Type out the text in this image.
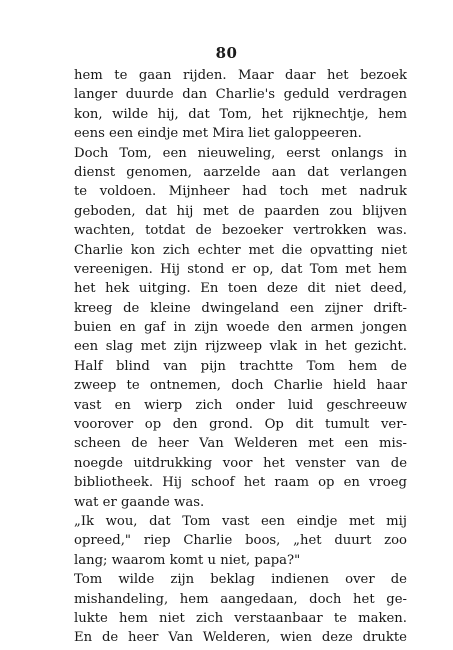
80
hem te gaan rijden. Maar daar het bezoek
langer duurde dan Charlie's geduld verdragen
kon, wilde hij, dat Tom, het rijknechtje, hem
eens een eindje met Mira liet galoppeeren.
Doch Tom, een nieuweling, eerst onlangs in
dienst genomen, aarzelde aan dat verlangen
te voldoen. Mijnheer had toch met nadruk
geboden, dat hij met de paarden zou blijven
wachten, totdat de bezoeker vertrokken was.
Charlie kon zich echter met die opvatting niet
vereenigen. Hij stond er op, dat Tom met hem
het hek uitging. En toen deze dit niet deed,
kreeg de kleine dwingeland een zijner drift-
buien en gaf in zijn woede den armen jongen
een slag met zijn rijzweep vlak in het gezicht.
Half blind van pijn trachtte Tom hem de
zweep te ontnemen, doch Charlie hield haar
vast en wierp zich onder luid geschreeuw
voorover op den grond. Op dit tumult ver-
scheen de heer Van Welderen met een mis-
noegde uitdrukking voor het venster van de
bibliotheek. Hij schoof het raam op en vroeg
wat er gaande was.
„Ik wou, dat Tom vast een eindje met mij
opreed," riep Charlie boos, „het duurt zoo
lang; waarom komt u niet, papa?"
Tom wilde zijn beklag indienen over de
mishandeling, hem aangedaan, doch het ge-
lukte hem niet zich verstaanbaar te maken.
En de heer Van Welderen, wien deze drukte
